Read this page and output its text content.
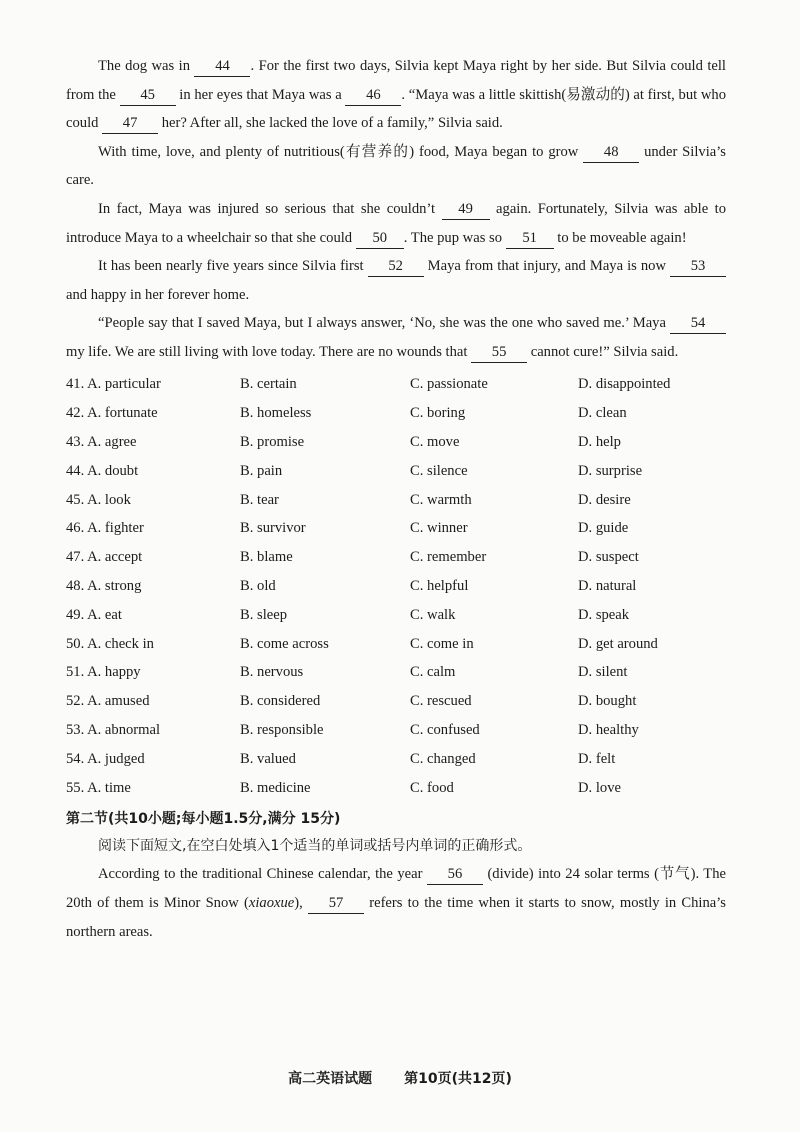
The dog was in 44 . For the first two days, Silvia kept Maya right by her side. But Silvia could tell from the 45 in her eyes that Maya was a 46 . “Maya was a little skittish(易激动的) at first, but who could 47 her? After all, she lacked the love of a family,” Silvia said.

With time, love, and plenty of nutritious(有营养的) food, Maya began to grow 48 under Silvia’s care.

In fact, Maya was injured so serious that she couldn’t 49 again. Fortunately, Silvia was able to introduce Maya to a wheelchair so that she could 50 . The pup was so 51 to be moveable again!

It has been nearly five years since Silvia first 52 Maya from that injury, and Maya is now 53 and happy in her forever home.

“People say that I saved Maya, but I always answer, ‘No, she was the one who saved me.’ Maya 54 my life. We are still living with love today. There are no wounds that 55 cannot cure!” Silvia said.

41. A. particular	B. certain	C. passionate	D. disappointed
42. A. fortunate	B. homeless	C. boring	D. clean
43. A. agree	B. promise	C. move	D. help
44. A. doubt	B. pain	C. silence	D. surprise
45. A. look	B. tear	C. warmth	D. desire
46. A. fighter	B. survivor	C. winner	D. guide
47. A. accept	B. blame	C. remember	D. suspect
48. A. strong	B. old	C. helpful	D. natural
49. A. eat	B. sleep	C. walk	D. speak
50. A. check in	B. come across	C. come in	D. get around
51. A. happy	B. nervous	C. calm	D. silent
52. A. amused	B. considered	C. rescued	D. bought
53. A. abnormal	B. responsible	C. confused	D. healthy
54. A. judged	B. valued	C. changed	D. felt
55. A. time	B. medicine	C. food	D. love
第二节(共10小题;每小题1.5分,满分 15分)

阅读下面短文,在空白处填入1个适当的单词或括号内单词的正确形式。

According to the traditional Chinese calendar, the year 56 (divide) into 24 solar terms (节气). The 20th of them is Minor Snow (xiaoxue), 57 refers to the time when it starts to snow, mostly in China’s northern areas.

高二英语试题 第10页(共12页)
